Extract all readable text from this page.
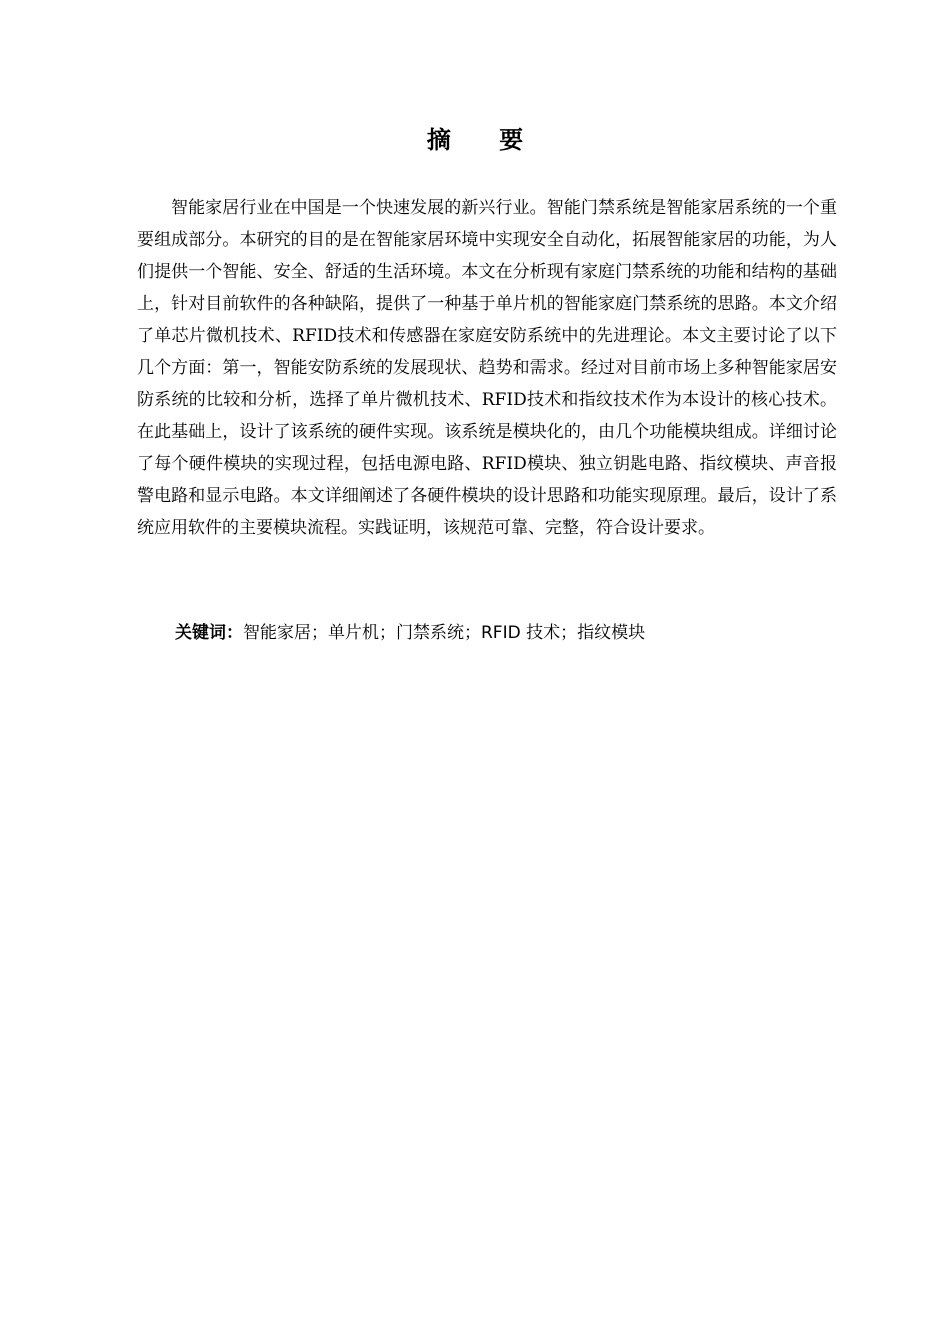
摘 要

智能家居行业在中国是一个快速发展的新兴行业。智能门禁系统是智能家居系统的一个重要组成部分。本研究的目的是在智能家居环境中实现安全自动化，拓展智能家居的功能，为人们提供一个智能、安全、舒适的生活环境。本文在分析现有家庭门禁系统的功能和结构的基础上，针对目前软件的各种缺陷，提供了一种基于单片机的智能家庭门禁系统的思路。本文介绍了单芯片微机技术、RFID技术和传感器在家庭安防系统中的先进理论。本文主要讨论了以下几个方面：第一，智能安防系统的发展现状、趋势和需求。经过对目前市场上多种智能家居安防系统的比较和分析，选择了单片微机技术、RFID技术和指纹技术作为本设计的核心技术。在此基础上，设计了该系统的硬件实现。该系统是模块化的，由几个功能模块组成。详细讨论了每个硬件模块的实现过程，包括电源电路、RFID模块、独立钥匙电路、指纹模块、声音报警电路和显示电路。本文详细阐述了各硬件模块的设计思路和功能实现原理。最后，设计了系统应用软件的主要模块流程。实践证明，该规范可靠、完整，符合设计要求。

关键词：智能家居；单片机；门禁系统；RFID 技术；指纹模块
